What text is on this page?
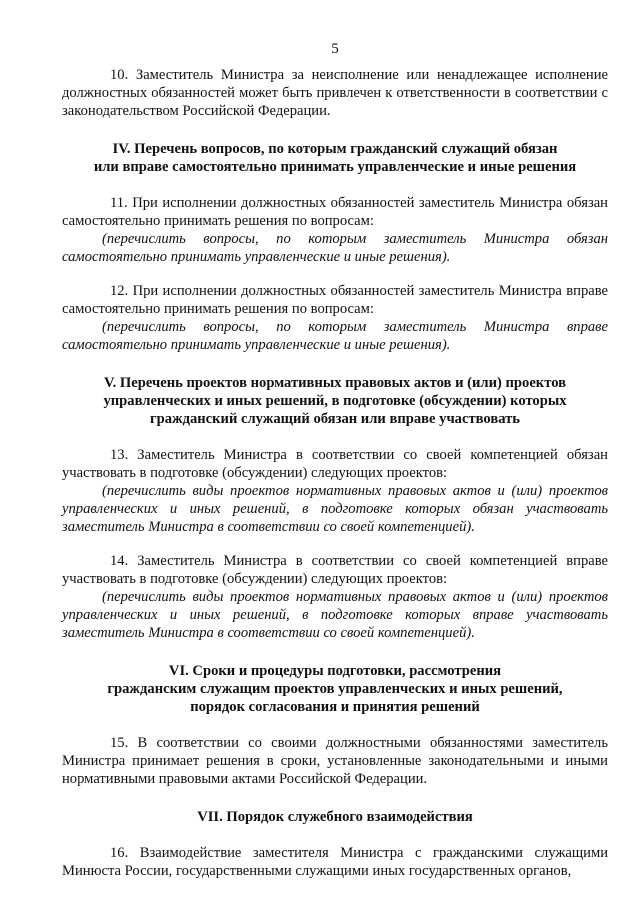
5

10. Заместитель Министра за неисполнение или ненадлежащее исполнение должностных обязанностей может быть привлечен к ответственности в соответствии с законодательством Российской Федерации.

IV. Перечень вопросов, по которым гражданский служащий обязан
или вправе самостоятельно принимать управленческие и иные решения

11. При исполнении должностных обязанностей заместитель Министра обязан самостоятельно принимать решения по вопросам:

(перечислить вопросы, по которым заместитель Министра обязан самостоятельно принимать управленческие и иные решения).

12. При исполнении должностных обязанностей заместитель Министра вправе самостоятельно принимать решения по вопросам:

(перечислить вопросы, по которым заместитель Министра вправе самостоятельно принимать управленческие и иные решения).

V. Перечень проектов нормативных правовых актов и (или) проектов
управленческих и иных решений, в подготовке (обсуждении) которых
гражданский служащий обязан или вправе участвовать

13. Заместитель Министра в соответствии со своей компетенцией обязан участвовать в подготовке (обсуждении) следующих проектов:

(перечислить виды проектов нормативных правовых актов и (или) проектов управленческих и иных решений, в подготовке которых обязан участвовать заместитель Министра в соответствии со своей компетенцией).

14. Заместитель Министра в соответствии со своей компетенцией вправе участвовать в подготовке (обсуждении) следующих проектов:

(перечислить виды проектов нормативных правовых актов и (или) проектов управленческих и иных решений, в подготовке которых вправе участвовать заместитель Министра в соответствии со своей компетенцией).

VI. Сроки и процедуры подготовки, рассмотрения
гражданским служащим проектов управленческих и иных решений,
порядок согласования и принятия решений

15. В соответствии со своими должностными обязанностями заместитель Министра принимает решения в сроки, установленные законодательными и иными нормативными правовыми актами Российской Федерации.

VII. Порядок служебного взаимодействия

16. Взаимодействие заместителя Министра с гражданскими служащими Минюста России, государственными служащими иных государственных органов,
